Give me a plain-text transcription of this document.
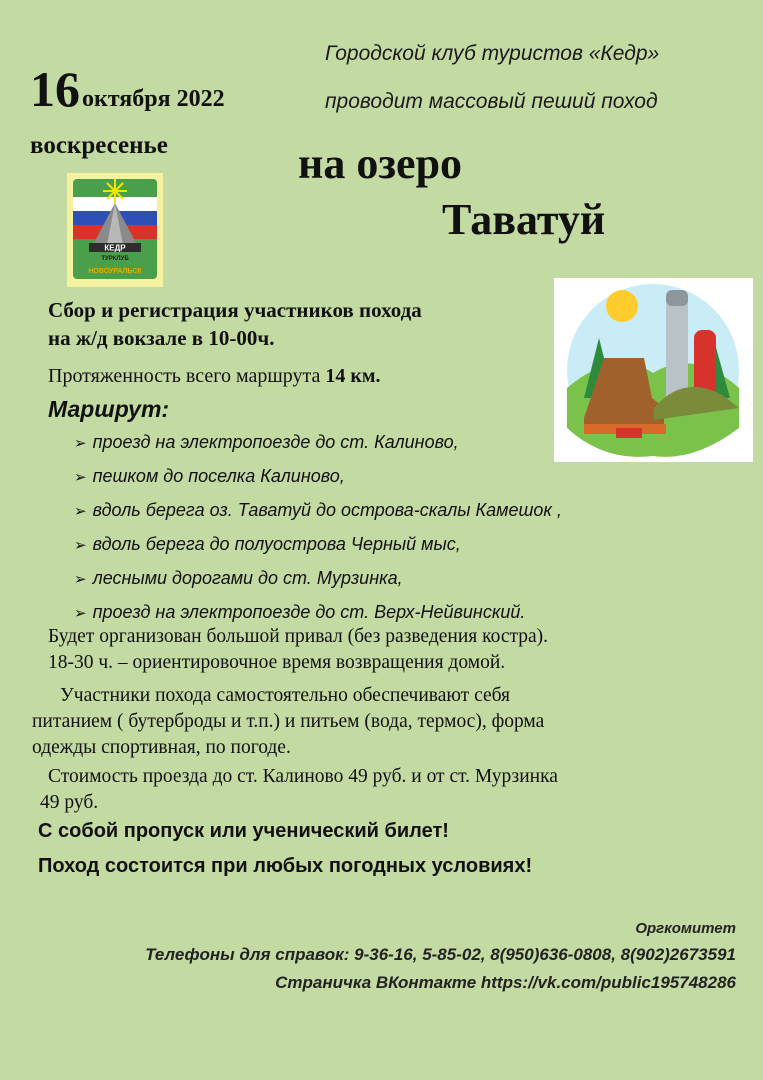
Городской клуб туристов «Кедр»
проводит массовый пеший поход
16октября 2022
воскресенье	на озеро
Таватуй
КЕДР
ТУРКЛУБ
НОВОУРАЛЬСК
Сбор и регистрация участников похода
на ж/д вокзале в 10-00ч.
Протяженность всего маршрута 14 км.
Маршрут:
➢ проезд на электропоезде до ст. Калиново,
➢ пешком до поселка Калиново,
➢ вдоль берега оз. Таватуй до острова-скалы Камешок ,
➢ вдоль берега до полуострова Черный мыс,
➢ лесными дорогами до ст. Мурзинка,
➢ проезд на электропоезде до ст. Верх-Нейвинский.
Будет организован большой привал (без разведения костра).
18-30 ч. – ориентировочное время возвращения домой.
Участники похода самостоятельно обеспечивают себя
питанием ( бутерброды и т.п.) и питьем (вода, термос), форма
одежды спортивная, по погоде.
Стоимость проезда до ст. Калиново 49 руб. и от ст. Мурзинка
49 руб.
С собой пропуск или ученический билет!
Поход состоится при любых погодных условиях!
Оргкомитет
Телефоны для справок: 9-36-16, 5-85-02, 8(950)636-0808, 8(902)2673591
Страничка ВКонтакте https://vk.com/public195748286
